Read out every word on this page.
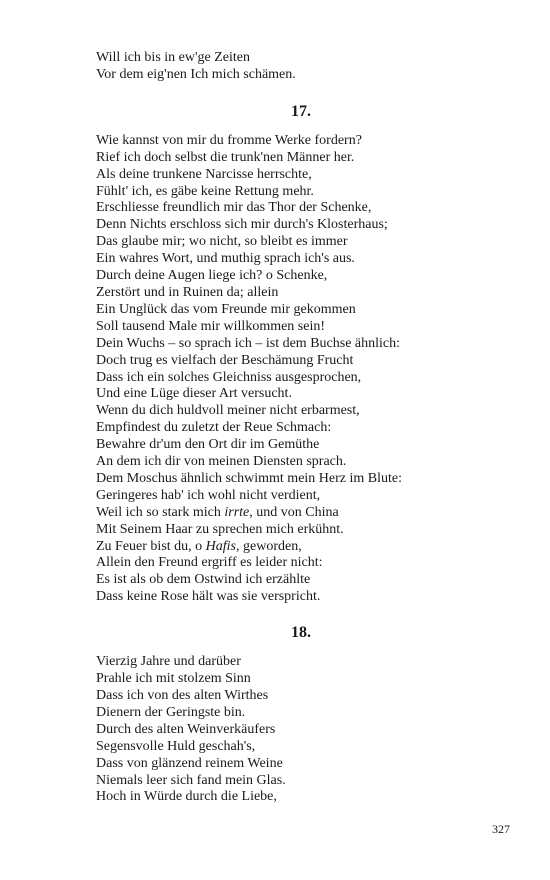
Will ich bis in ew'ge Zeiten
Vor dem eig'nen Ich mich schämen.
17.
Wie kannst von mir du fromme Werke fordern?
Rief ich doch selbst die trunk'nen Männer her.
Als deine trunkene Narcisse herrschte,
Fühlt' ich, es gäbe keine Rettung mehr.
Erschliesse freundlich mir das Thor der Schenke,
Denn Nichts erschloss sich mir durch's Klosterhaus;
Das glaube mir; wo nicht, so bleibt es immer
Ein wahres Wort, und muthig sprach ich's aus.
Durch deine Augen liege ich? o Schenke,
Zerstört und in Ruinen da; allein
Ein Unglück das vom Freunde mir gekommen
Soll tausend Male mir willkommen sein!
Dein Wuchs – so sprach ich – ist dem Buchse ähnlich:
Doch trug es vielfach der Beschämung Frucht
Dass ich ein solches Gleichniss ausgesprochen,
Und eine Lüge dieser Art versucht.
Wenn du dich huldvoll meiner nicht erbarmest,
Empfindest du zuletzt der Reue Schmach:
Bewahre dr'um den Ort dir im Gemüthe
An dem ich dir von meinen Diensten sprach.
Dem Moschus ähnlich schwimmt mein Herz im Blute:
Geringeres hab' ich wohl nicht verdient,
Weil ich so stark mich irrte, und von China
Mit Seinem Haar zu sprechen mich erkühnt.
Zu Feuer bist du, o Hafis, geworden,
Allein den Freund ergriff es leider nicht:
Es ist als ob dem Ostwind ich erzählte
Dass keine Rose hält was sie verspricht.
18.
Vierzig Jahre und darüber
Prahle ich mit stolzem Sinn
Dass ich von des alten Wirthes
Dienern der Geringste bin.
Durch des alten Weinverkäufers
Segensvolle Huld geschah's,
Dass von glänzend reinem Weine
Niemals leer sich fand mein Glas.
Hoch in Würde durch die Liebe,
327
